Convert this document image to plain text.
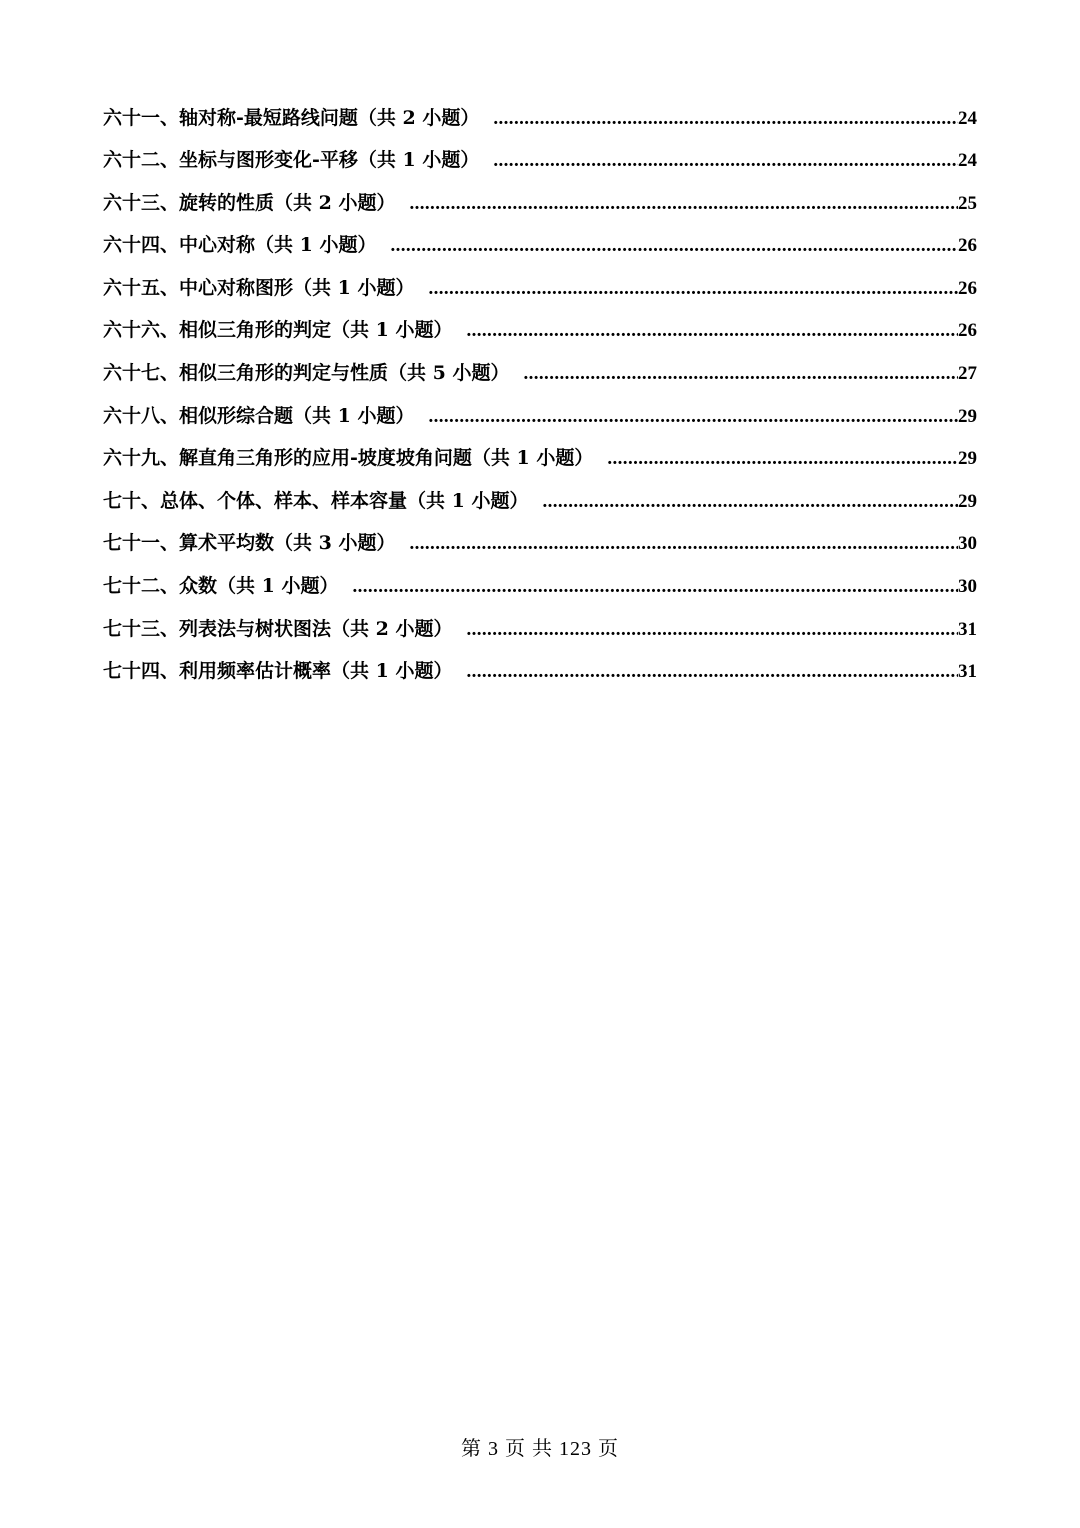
六十一、轴对称-最短路线问题（共 2 小题） .....	24
六十二、坐标与图形变化-平移（共 1 小题） .....	24
六十三、旋转的性质（共 2 小题） .....	25
六十四、中心对称（共 1 小题） .....	26
六十五、中心对称图形（共 1 小题） .....	26
六十六、相似三角形的判定（共 1 小题） .....	26
六十七、相似三角形的判定与性质（共 5 小题） .....	27
六十八、相似形综合题（共 1 小题） .....	29
六十九、解直角三角形的应用-坡度坡角问题（共 1 小题） .....	29
七十、总体、个体、样本、样本容量（共 1 小题） .....	29
七十一、算术平均数（共 3 小题） .....	30
七十二、众数（共 1 小题） .....	30
七十三、列表法与树状图法（共 2 小题） .....	31
七十四、利用频率估计概率（共 1 小题） .....	31
第 3 页 共 123 页
